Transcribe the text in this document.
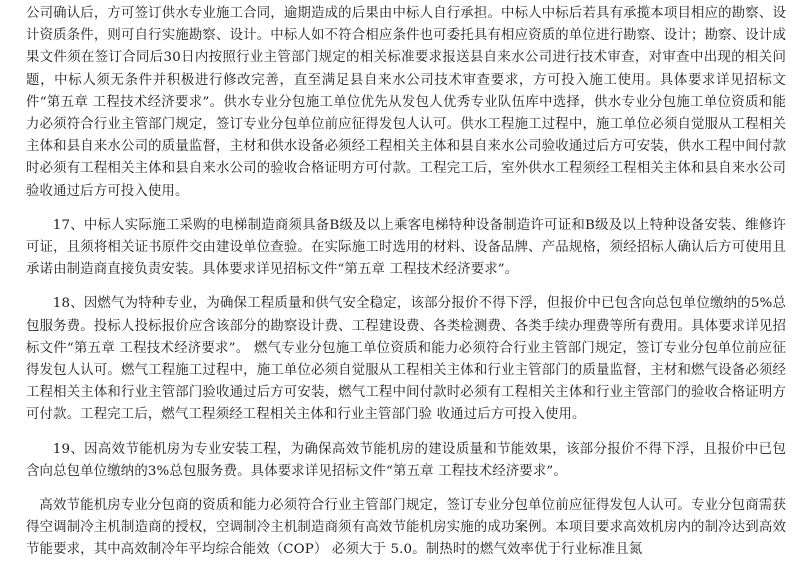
公司确认后，方可签订供水专业施工合同，逾期造成的后果由中标人自行承担。中标人中标后若具有承揽本项目相应的勘察、设计资质条件，则可自行实施勘察、设计。中标人如不符合相应条件也可委托具有相应资质的单位进行勘察、设计；勘察、设计成果文件须在签订合同后30日内按照行业主管部门规定的相关标准要求报送县自来水公司进行技术审查，对审查中出现的相关问题，中标人须无条件并积极进行修改完善，直至满足县自来水公司技术审查要求，方可投入施工使用。具体要求详见招标文件“第五章 工程技术经济要求”。供水专业分包施工单位优先从发包人优秀专业队伍库中选择，供水专业分包施工单位资质和能力必须符合行业主管部门规定，签订专业分包单位前应征得发包人认可。供水工程施工过程中，施工单位必须自觉服从工程相关主体和县自来水公司的质量监督，主材和供水设备必须经工程相关主体和县自来水公司验收通过后方可安装，供水工程中间付款时必须有工程相关主体和县自来水公司的验收合格证明方可付款。工程完工后，室外供水工程须经工程相关主体和县自来水公司验收通过后方可投入使用。

17、中标人实际施工采购的电梯制造商须具备B级及以上乘客电梯特种设备制造许可证和B级及以上特种设备安装、维修许可证，且须将相关证书原件交由建设单位查验。在实际施工时选用的材料、设备品牌、产品规格，须经招标人确认后方可使用且承诺由制造商直接负责安装。具体要求详见招标文件“第五章 工程技术经济要求”。

18、因燃气为特种专业，为确保工程质量和供气安全稳定，该部分报价不得下浮，但报价中已包含向总包单位缴纳的5%总包服务费。投标人投标报价应含该部分的勘察设计费、工程建设费、各类检测费、各类手续办理费等所有费用。具体要求详见招标文件“第五章 工程技术经济要求”。 燃气专业分包施工单位资质和能力必须符合行业主管部门规定，签订专业分包单位前应征得发包人认可。燃气工程施工过程中，施工单位必须自觉服从工程相关主体和行业主管部门的质量监督，主材和燃气设备必须经工程相关主体和行业主管部门验收通过后方可安装，燃气工程中间付款时必须有工程相关主体和行业主管部门的验收合格证明方可付款。工程完工后，燃气工程须经工程相关主体和行业主管部门验 收通过后方可投入使用。

19、因高效节能机房为专业安装工程，为确保高效节能机房的建设质量和节能效果，该部分报价不得下浮，且报价中已包含向总包单位缴纳的3%总包服务费。具体要求详见招标文件“第五章 工程技术经济要求”。

高效节能机房专业分包商的资质和能力必须符合行业主管部门规定，签订专业分包单位前应征得发包人认可。专业分包商需获得空调制冷主机制造商的授权，空调制冷主机制造商须有高效节能机房实施的成功案例。本项目要求高效机房内的制冷达到高效节能要求，其中高效制冷年平均综合能效（COP） 必须大于 5.0。制热时的燃气效率优于行业标准且氮
